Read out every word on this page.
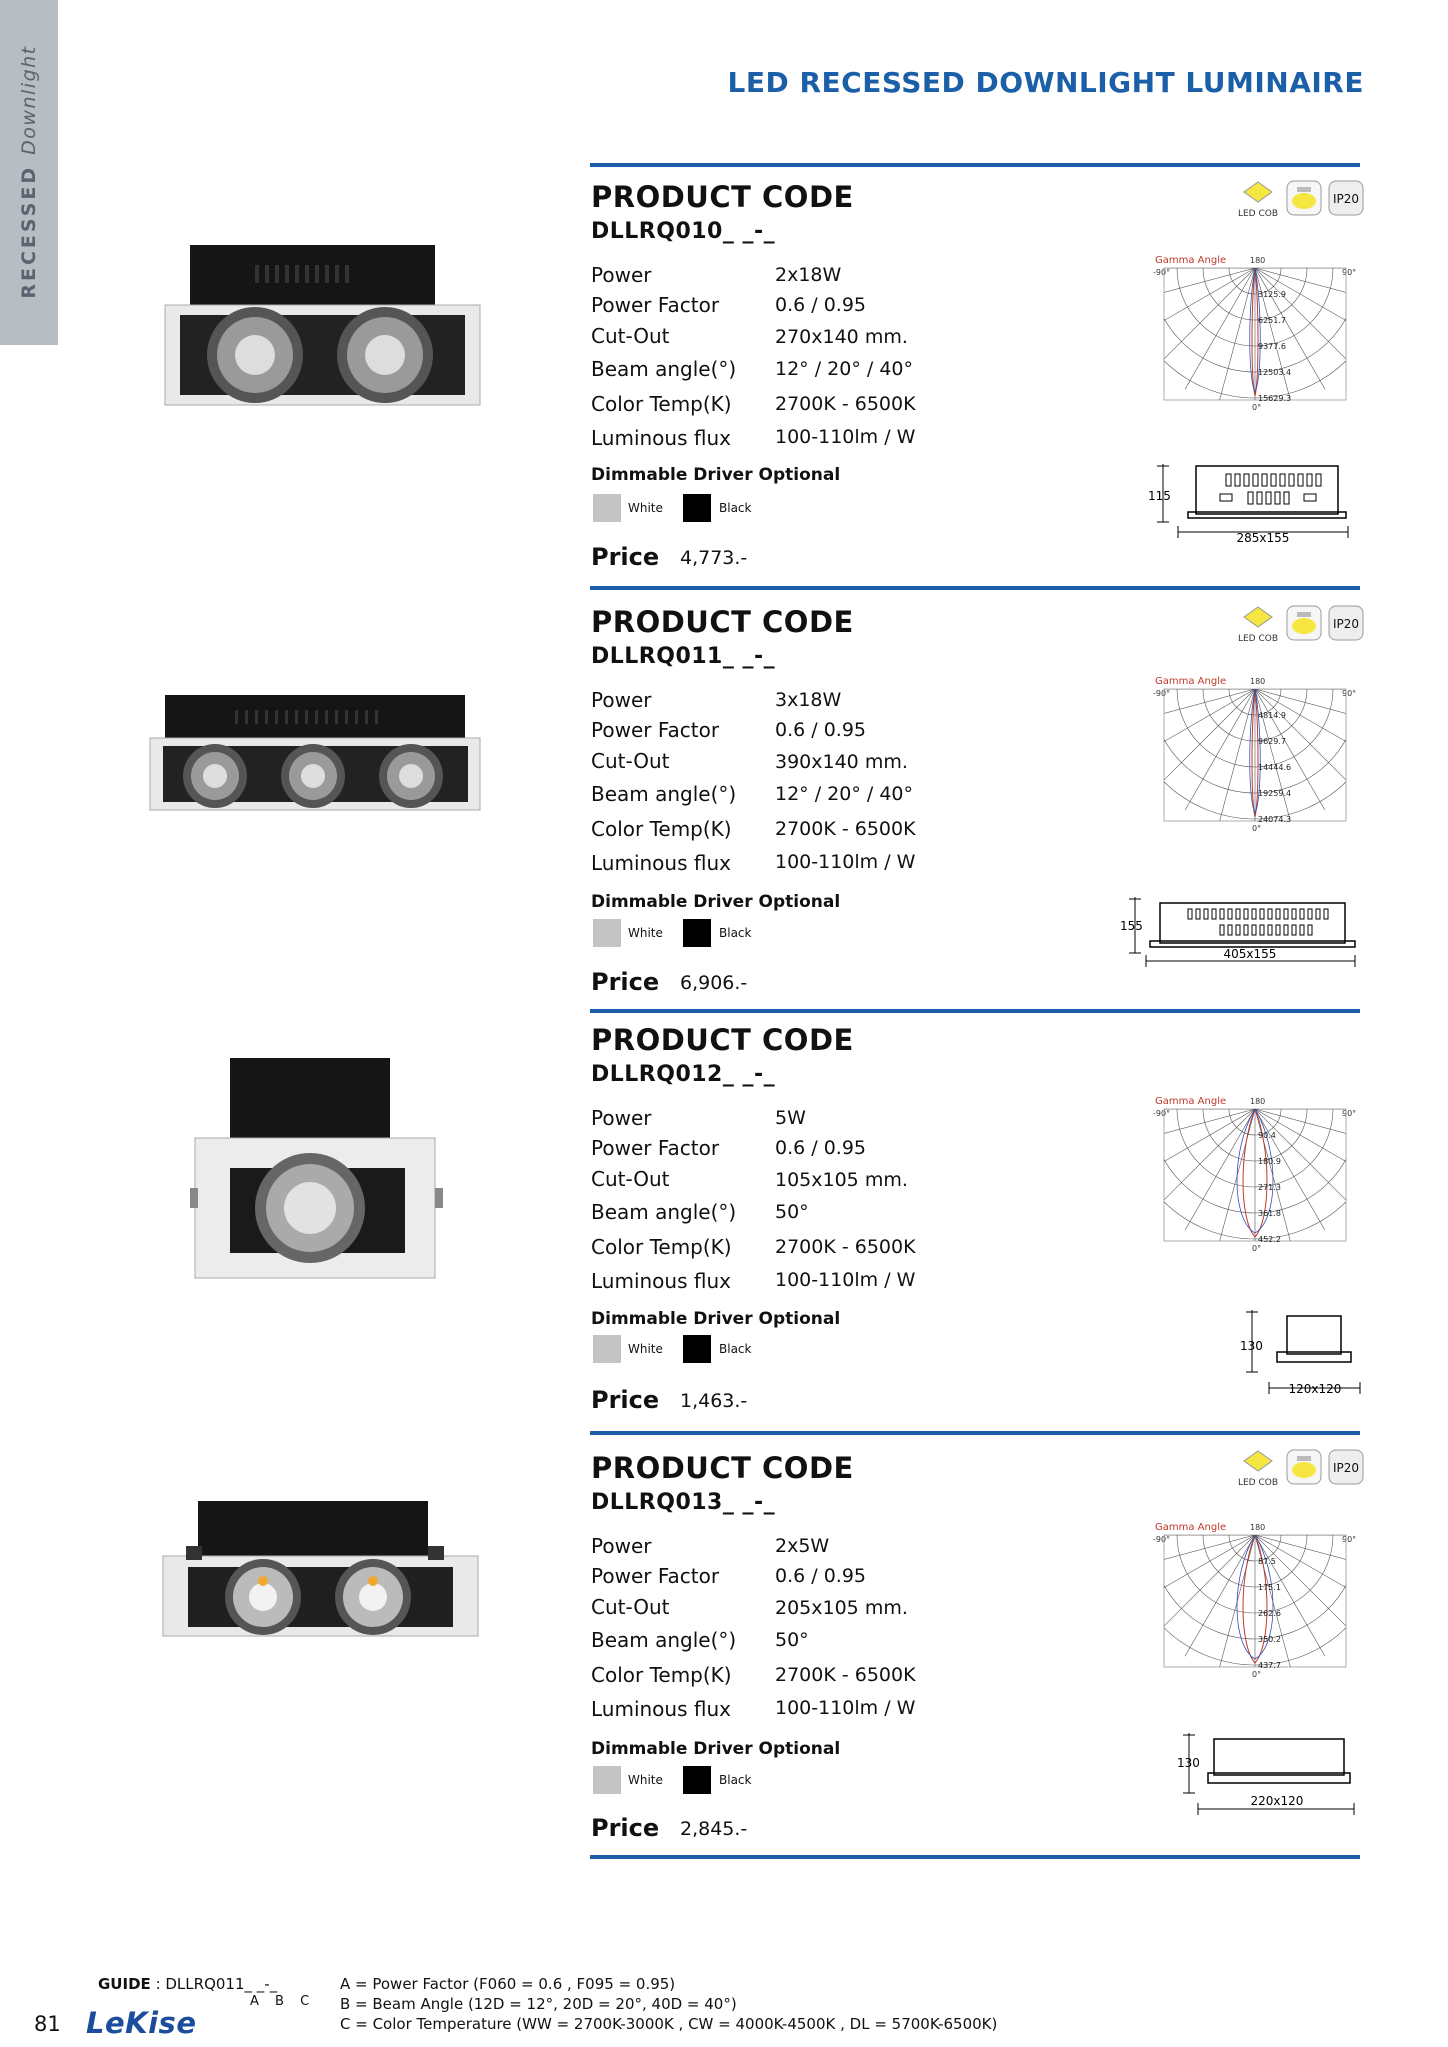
RECESSEDDownlight	LED RECESSED DOWNLIGHT LUMINAIRE
PRODUCT CODE
DLLRQ010_ _-_
LED COB
IP20
Power	2x18W
Power Factor	0.6 / 0.95
Cut-Out	270x140 mm.
Beam angle(°) 12° / 20° / 40°
Color Temp(K) 2700K - 6500K
Luminous flux 100-110lm / W
Dimmable Driver Optional
White	Black
Price 4,773.-
Gamma Angle	180
-90°	90°
0°
3125.9
6251.7
9377.6
12503.4
15629.3
115
285x155
PRODUCT CODE
DLLRQ011_ _-_
LED COB
IP20
Power	3x18W
Power Factor	0.6 / 0.95
Cut-Out	390x140 mm.
Beam angle(°) 12° / 20° / 40°
Color Temp(K) 2700K - 6500K
Luminous flux 100-110lm / W
Dimmable Driver Optional
White	Black
Price 6,906.-
Gamma Angle	180
-90°	90°
0°
4814.9
9629.7
14444.6
19259.4
24074.3
155
405x155
PRODUCT CODE
DLLRQ012_ _-_
Power	5W
Power Factor	0.6 / 0.95
Cut-Out	105x105 mm.
Beam angle(°) 50°
Color Temp(K) 2700K - 6500K
Luminous flux 100-110lm / W
Dimmable Driver Optional
White	Black
Price 1,463.-
Gamma Angle	180
-90°	90°
0°
90.4
180.9
271.3
361.8
452.2
130
120x120
PRODUCT CODE
DLLRQ013_ _-_
LED COB
IP20
Power	2x5W
Power Factor	0.6 / 0.95
Cut-Out	205x105 mm.
Beam angle(°) 50°
Color Temp(K) 2700K - 6500K
Luminous flux 100-110lm / W
Dimmable Driver Optional
White	Black
Price 2,845.-
Gamma Angle	180
-90°	90°
0°
87.5
175.1
262.6
350.2
437.7
130
220x120
GUIDE : DLLRQ011_ _-_
A B C
A = Power Factor (F060 = 0.6 , F095 = 0.95)
B = Beam Angle (12D = 12°, 20D = 20°, 40D = 40°)
C = Color Temperature (WW = 2700K-3000K , CW = 4000K-4500K , DL = 5700K-6500K)
81 LeKise
